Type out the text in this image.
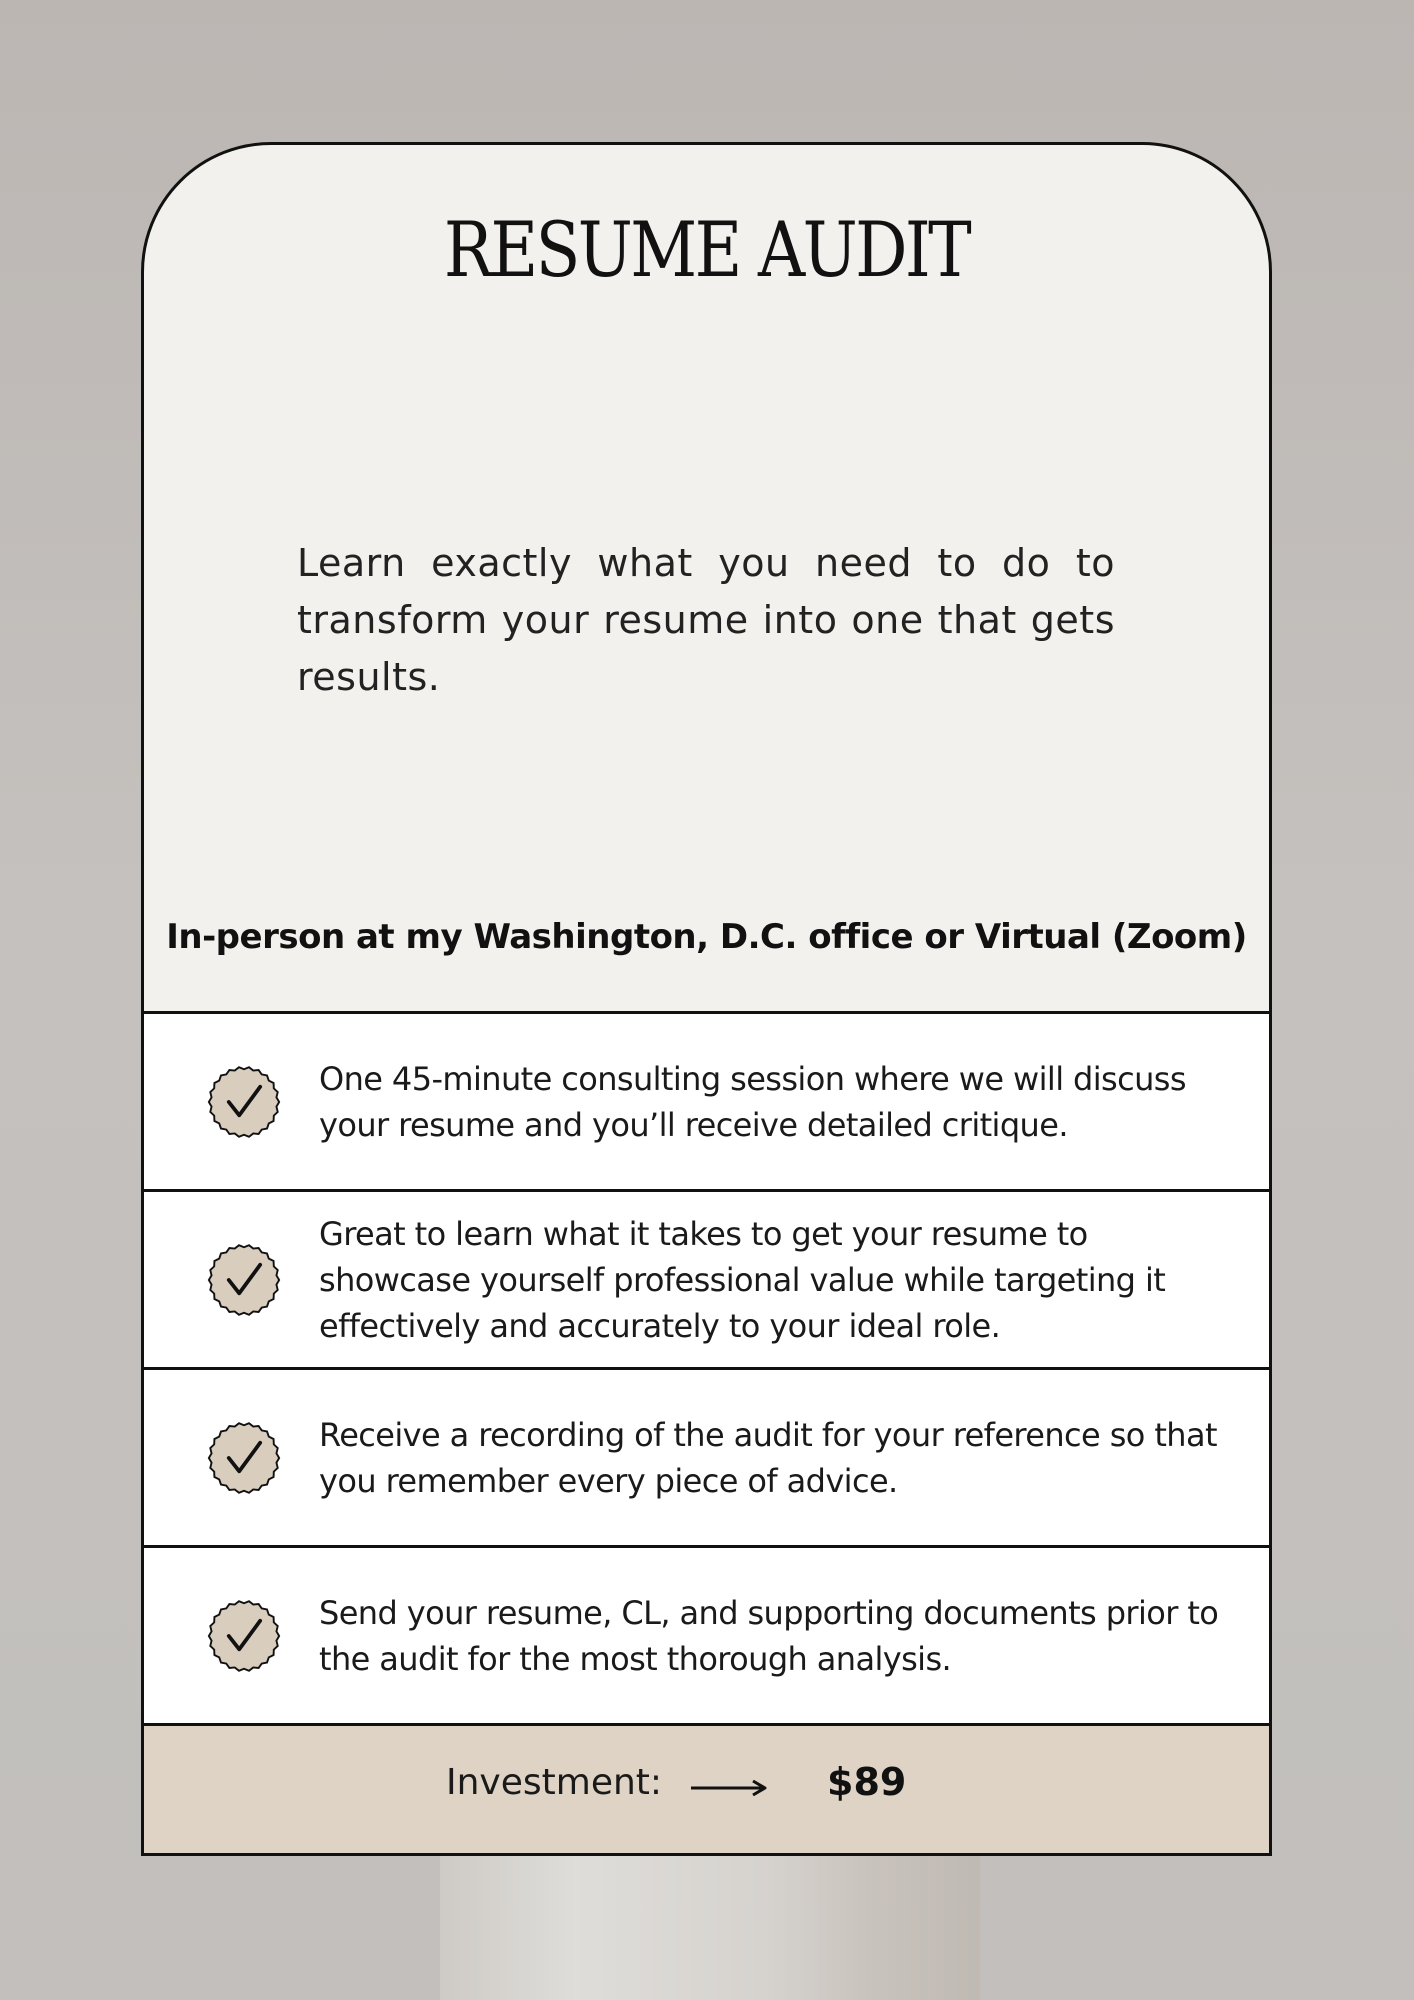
RESUME AUDIT
Learn exactly what you need to do to transform your resume into one that gets results.
In-person at my Washington, D.C. office or Virtual (Zoom)
One 45-minute consulting session where we will discuss your resume and you’ll receive detailed critique.
Great to learn what it takes to get your resume to showcase yourself professional value while targeting it effectively and accurately to your ideal role.
Receive a recording of the audit for your reference so that you remember every piece of advice.
Send your resume, CL, and supporting documents prior to the audit for the most thorough analysis.
Investment:	$89
